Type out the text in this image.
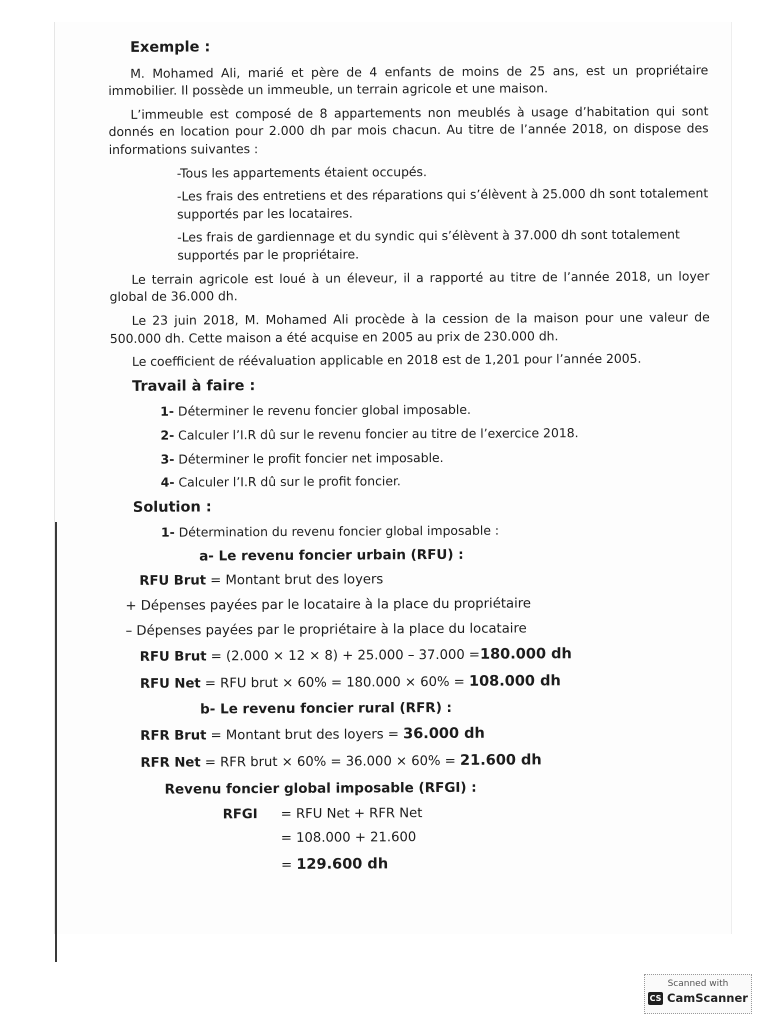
Exemple :

M. Mohamed Ali, marié et père de 4 enfants de moins de 25 ans, est un propriétaire immobilier. Il possède un immeuble, un terrain agricole et une maison.

L’immeuble est composé de 8 appartements non meublés à usage d’habitation qui sont donnés en location pour 2.000 dh par mois chacun. Au titre de l’année 2018, on dispose des informations suivantes :

-Tous les appartements étaient occupés.

-Les frais des entretiens et des réparations qui s’élèvent à 25.000 dh sont totalement supportés par les locataires.

-Les frais de gardiennage et du syndic qui s’élèvent à 37.000 dh sont totalement supportés par le propriétaire.

Le terrain agricole est loué à un éleveur, il a rapporté au titre de l’année 2018, un loyer global de 36.000 dh.

Le 23 juin 2018, M. Mohamed Ali procède à la cession de la maison pour une valeur de 500.000 dh. Cette maison a été acquise en 2005 au prix de 230.000 dh.

Le coefficient de réévaluation applicable en 2018 est de 1,201 pour l’année 2005.

Travail à faire :

1- Déterminer le revenu foncier global imposable.

2- Calculer l’I.R dû sur le revenu foncier au titre de l’exercice 2018.

3- Déterminer le profit foncier net imposable.

4- Calculer l’I.R dû sur le profit foncier.

Solution :

1- Détermination du revenu foncier global imposable :

a- Le revenu foncier urbain (RFU) :

RFU Brut = Montant brut des loyers

+ Dépenses payées par le locataire à la place du propriétaire

– Dépenses payées par le propriétaire à la place du locataire

RFU Brut = (2.000 × 12 × 8) + 25.000 – 37.000 =180.000 dh

RFU Net = RFU brut × 60% = 180.000 × 60% = 108.000 dh

b- Le revenu foncier rural (RFR) :

RFR Brut = Montant brut des loyers = 36.000 dh

RFR Net = RFR brut × 60% = 36.000 × 60% = 21.600 dh

Revenu foncier global imposable (RFGI) :

RFGI	= RFU Net + RFR Net
= 108.000 + 21.600
= 129.600 dh
Scanned with
CS CamScanner
